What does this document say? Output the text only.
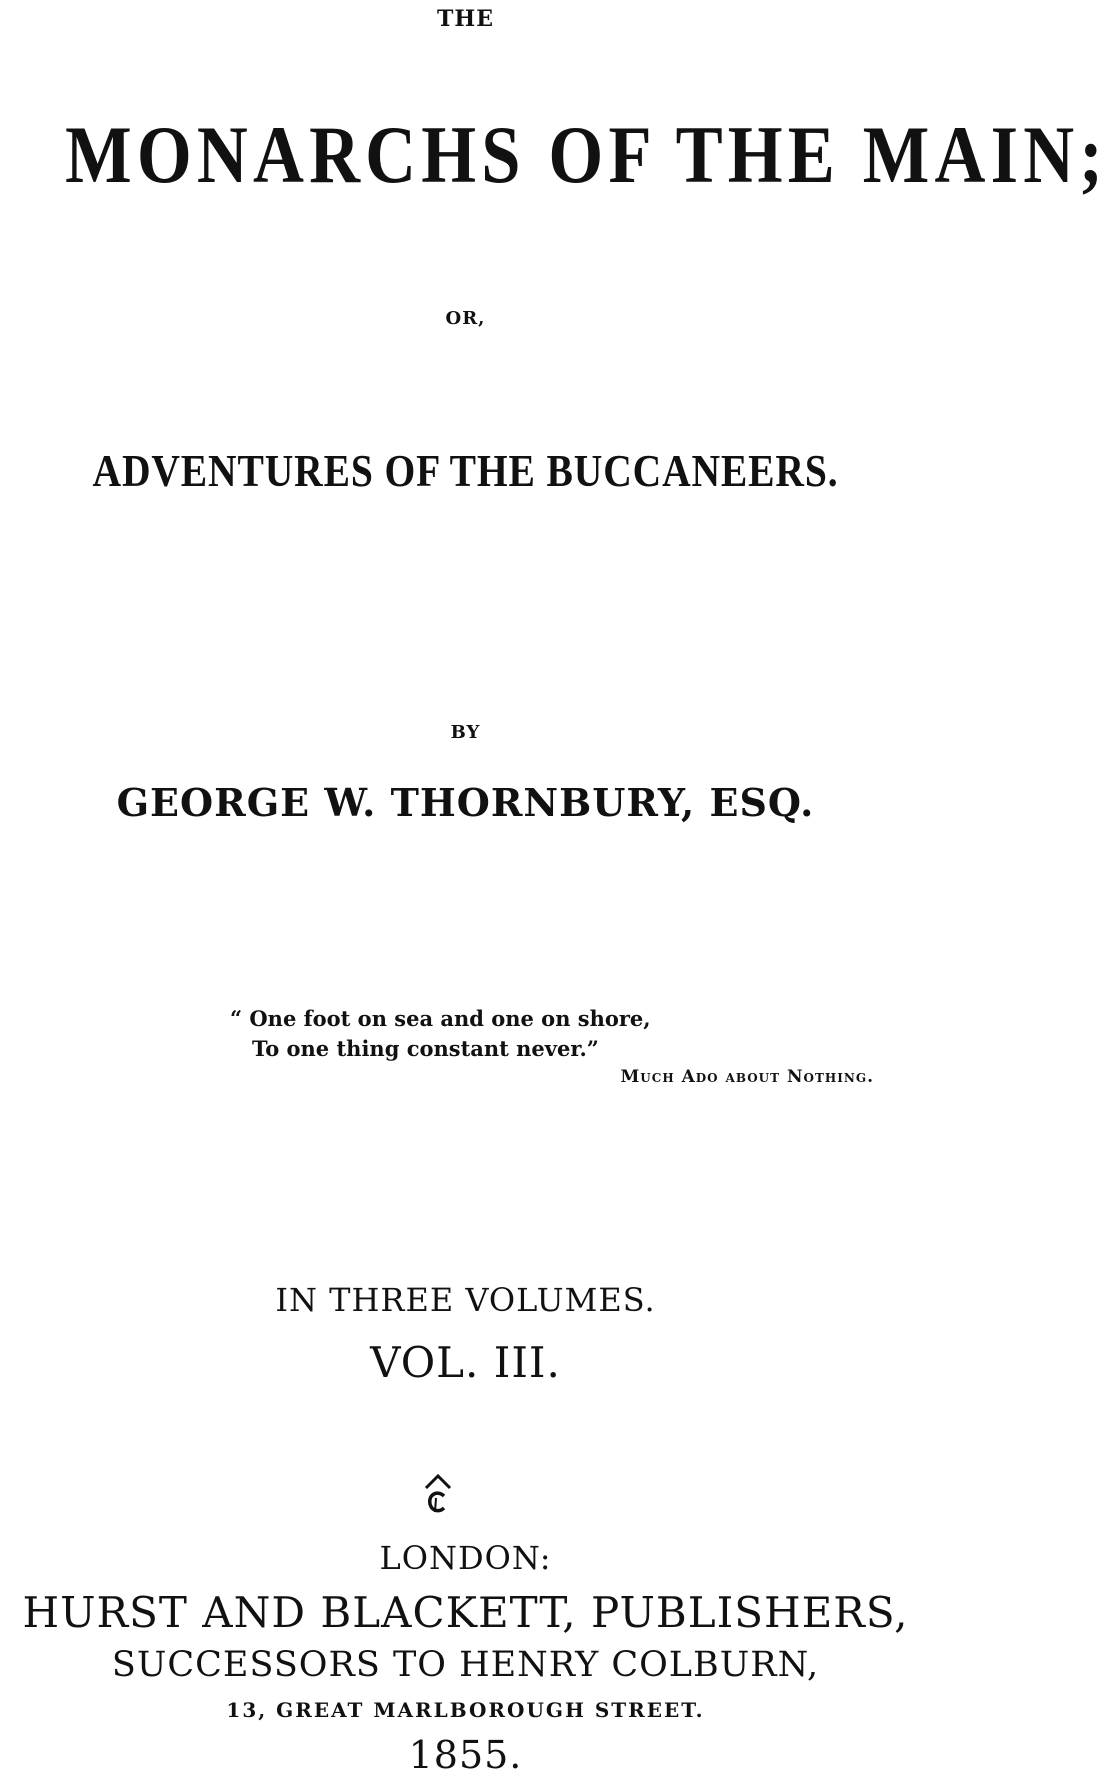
THE
MONARCHS OF THE MAIN;
OR,
ADVENTURES OF THE BUCCANEERS.
BY
GEORGE W. THORNBURY, ESQ.
“ One foot on sea and one on shore,
To one thing constant never.”
Much Ado about Nothing.
IN THREE VOLUMES.
VOL. III.
LONDON:
HURST AND BLACKETT, PUBLISHERS,
SUCCESSORS TO HENRY COLBURN,
13, GREAT MARLBOROUGH STREET.
1855.
